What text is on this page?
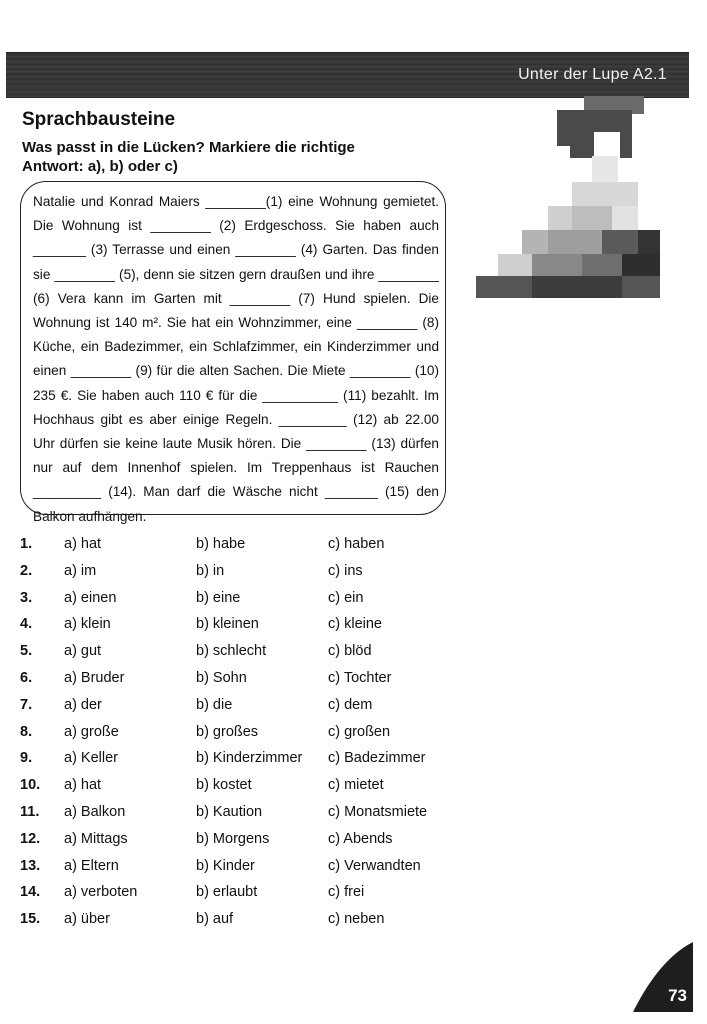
Unter der Lupe A2.1
Sprachbausteine
Was passt in die Lücken? Markiere die richtige Antwort: a), b) oder c)

Natalie und Konrad Maiers ________(1) eine Wohnung gemietet. Die Wohnung ist ________ (2) Erdgeschoss. Sie haben auch _______ (3) Terrasse und einen ________ (4) Garten. Das finden sie ________ (5), denn sie sitzen gern draußen und ihre ________ (6) Vera kann im Garten mit ________ (7) Hund spielen. Die Wohnung ist 140 m². Sie hat ein Wohnzimmer, eine ________ (8) Küche, ein Badezimmer, ein Schlafzimmer, ein Kinderzimmer und einen ________ (9) für die alten Sachen. Die Miete ________ (10) 235 €. Sie haben auch 110 € für die __________ (11) bezahlt. Im Hochhaus gibt es aber einige Regeln. _________ (12) ab 22.00 Uhr dürfen sie keine laute Musik hören. Die ________ (13) dürfen nur auf dem Innenhof spielen. Im Treppenhaus ist Rauchen _________ (14). Man darf die Wäsche nicht _______ (15) den Balkon aufhängen.

1. a) hat	b) habe	c) haben
2. a) im	b) in	c) ins
3. a) einen	b) eine	c) ein
4. a) klein	b) kleinen	c) kleine
5. a) gut	b) schlecht	c) blöd
6. a) Bruder	b) Sohn	c) Tochter
7. a) der	b) die	c) dem
8. a) große	b) großes	c) großen
9. a) Keller	b) Kinderzimmer c) Badezimmer
10. a) hat	b) kostet	c) mietet
11. a) Balkon	b) Kaution	c) Monatsmiete
12. a) Mittags	b) Morgens	c) Abends
13. a) Eltern	b) Kinder	c) Verwandten
14. a) verboten	b) erlaubt	c) frei
15. a) über	b) auf	c) neben
73
